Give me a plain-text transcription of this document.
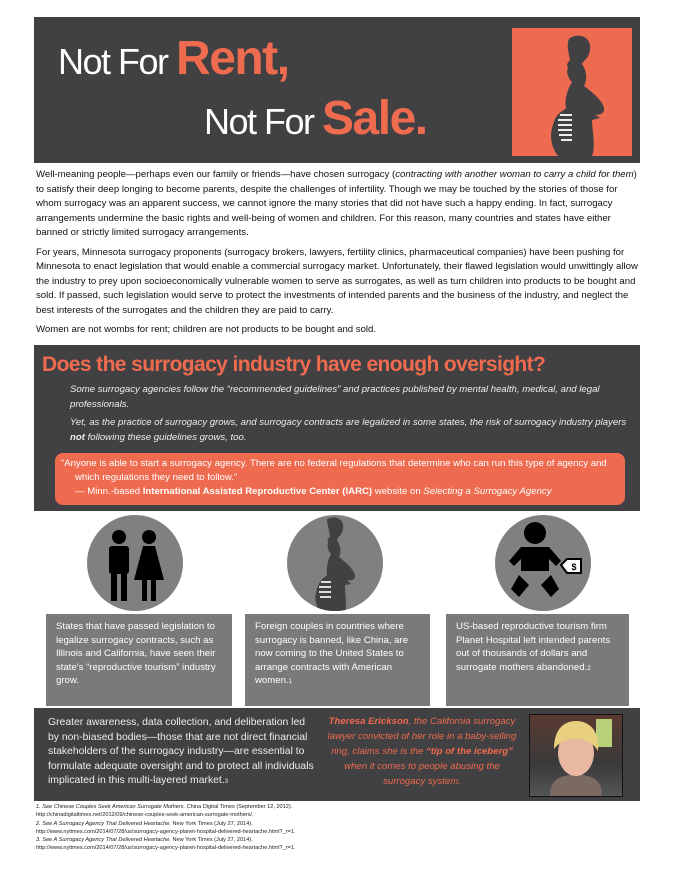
Not For Rent,
Not For Sale.

Well-meaning people—perhaps even our family or friends—have chosen surrogacy (contracting with another woman to carry a child for them) to satisfy their deep longing to become parents, despite the challenges of infertility. Though we may be touched by the stories of those for whom surrogacy was an apparent success, we cannot ignore the many stories that did not have such a happy ending. In fact, surrogacy arrangements undermine the basic rights and well-being of women and children. For this reason, many countries and states have either banned or strictly limited surrogacy arrangements.

For years, Minnesota surrogacy proponents (surrogacy brokers, lawyers, fertility clinics, pharmaceutical companies) have been pushing for Minnesota to enact legislation that would enable a commercial surrogacy market. Unfortunately, their flawed legislation would unwittingly allow the industry to prey upon socioeconomically vulnerable women to serve as surrogates, as well as turn children into products to be bought and sold. If passed, such legislation would serve to protect the investments of intended parents and the business of the industry, and neglect the best interests of the surrogates and the children they are paid to carry.

Women are not wombs for rent; children are not products to be bought and sold.

Does the surrogacy industry have enough oversight?
Some surrogacy agencies follow the “recommended guidelines” and practices published by mental health, medical, and legal professionals.
Yet, as the practice of surrogacy grows, and surrogacy contracts are legalized in some states, the risk of surrogacy industry players not following these guidelines grows, too.
“Anyone is able to start a surrogacy agency. There are no federal regulations that determine who can run this type of agency and which regulations they need to follow.”
— Minn.-based International Assisted Reproductive Center (IARC) website on Selecting a Surrogacy Agency
$
States that have passed legislation to legalize surrogacy contracts, such as Illinois and California, have seen their state's “reproductive tourism” industry grow.
Foreign couples in countries where surrogacy is banned, like China, are now coming to the United States to arrange contracts with American women.1
US-based reproductive tourism firm Planet Hospital left intended parents out of thousands of dollars and surrogate mothers abandoned.2
Greater awareness, data collection, and deliberation led by non-biased bodies—those that are not direct financial stakeholders of the surrogacy industry—are essential to formulate adequate oversight and to protect all individuals implicated in this multi-layered market.3
Theresa Erickson, the California surrogacy lawyer convicted of her role in a baby-selling ring, claims she is the “tip of the iceberg” when it comes to people abusing the surrogacy system.
1. See Chinese Couples Seek American Surrogate Mothers. China Digital Times (September 12, 2012).
http://chinadigitaltimes.net/2012/09/chinese-couples-seek-american-surrogate-mothers/.
2. See A Surrogacy Agency That Delivered Heartache. New York Times (July 27, 2014).
http://www.nytimes.com/2014/07/28/us/surrogacy-agency-planet-hospital-delivered-heartache.html?_r=1.
3. See A Surrogacy Agency That Delivered Heartache. New York Times (July 27, 2014).
http://www.nytimes.com/2014/07/28/us/surrogacy-agency-planet-hospital-delivered-heartache.html?_r=1.
